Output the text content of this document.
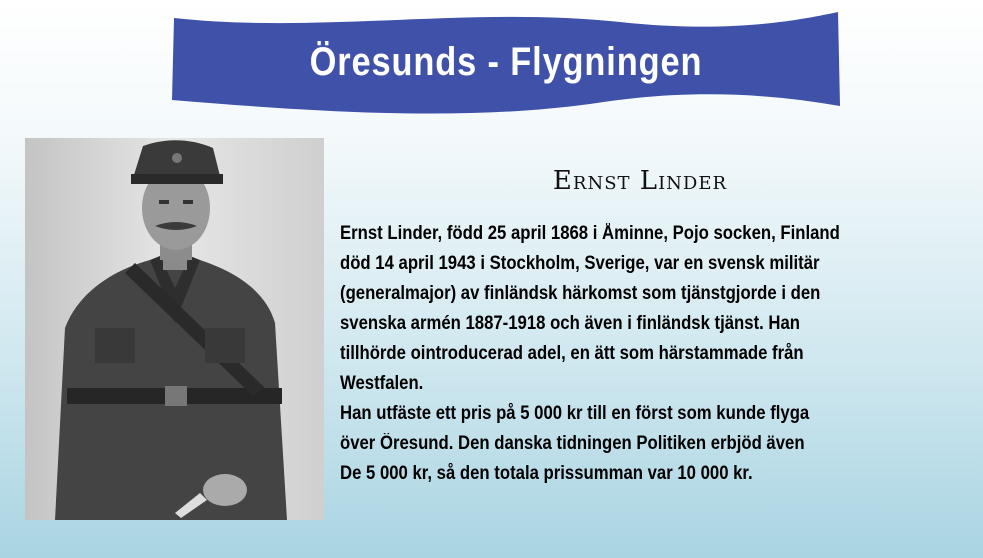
Öresunds - Flygningen
Ernst Linder
Ernst Linder, född 25 april 1868 i Åminne, Pojo socken, Finland
död 14 april 1943 i Stockholm, Sverige, var en svensk militär
(generalmajor) av finländsk härkomst som tjänstgjorde i den
svenska armén 1887-1918 och även i finländsk tjänst. Han
tillhörde ointroducerad adel, en ätt som härstammade från
Westfalen.
Han utfäste ett pris på 5 000 kr till en först som kunde flyga
över Öresund. Den danska tidningen Politiken erbjöd även
De 5 000 kr, så den totala prissumman var 10 000 kr.
